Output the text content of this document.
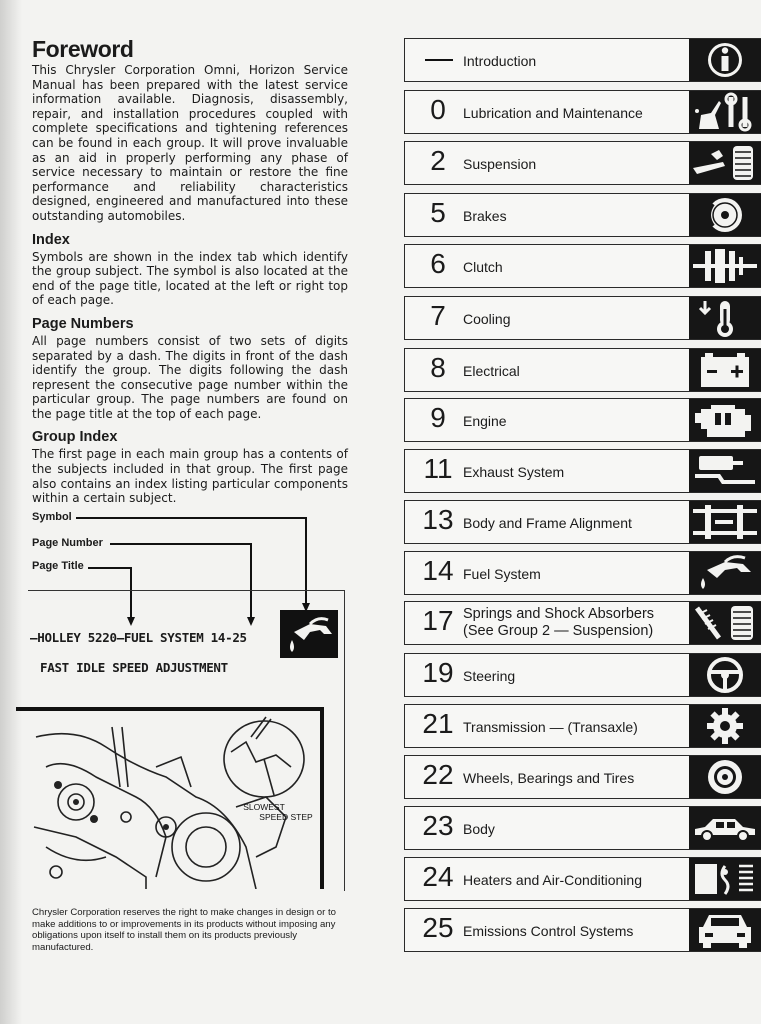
Foreword

This Chrysler Corporation Omni, Horizon Service Manual has been prepared with the latest service information available. Diagnosis, disassembly, repair, and installation procedures coupled with complete specifications and tightening references can be found in each group. It will prove invaluable as an aid in properly performing any phase of service necessary to maintain or restore the fine performance and reliability characteristics designed, engineered and manufactured into these outstanding automobiles.

Index

Symbols are shown in the index tab which identify the group subject. The symbol is also located at the end of the page title, located at the left or right top of each page.

Page Numbers

All page numbers consist of two sets of digits separated by a dash. The digits in front of the dash identify the group. The digits following the dash represent the consecutive page number within the particular group. The page numbers are found on the page title at the top of each page.

Group Index

The first page in each main group has a contents of the subjects included in that group. The first page also contains an index listing particular components within a certain subject.

Symbol
Page Number
Page Title
—HOLLEY 5220—FUEL SYSTEM 14-25
FAST IDLE SPEED ADJUSTMENT
SLOWEST
SPEED STEP
Chrysler Corporation reserves the right to make changes in design or to make additions to or improvements in its products without imposing any obligations upon itself to install them on its products previously manufactured.
Introduction
0	Lubrication and Maintenance
2	Suspension
5	Brakes
6	Clutch
7	Cooling
8	Electrical
9	Engine
11 Exhaust System
13 Body and Frame Alignment
14 Fuel System
17 Springs and Shock Absorbers
(See Group 2 — Suspension)
19 Steering
21 Transmission — (Transaxle)
22 Wheels, Bearings and Tires
23 Body
24 Heaters and Air-Conditioning
25 Emissions Control Systems
